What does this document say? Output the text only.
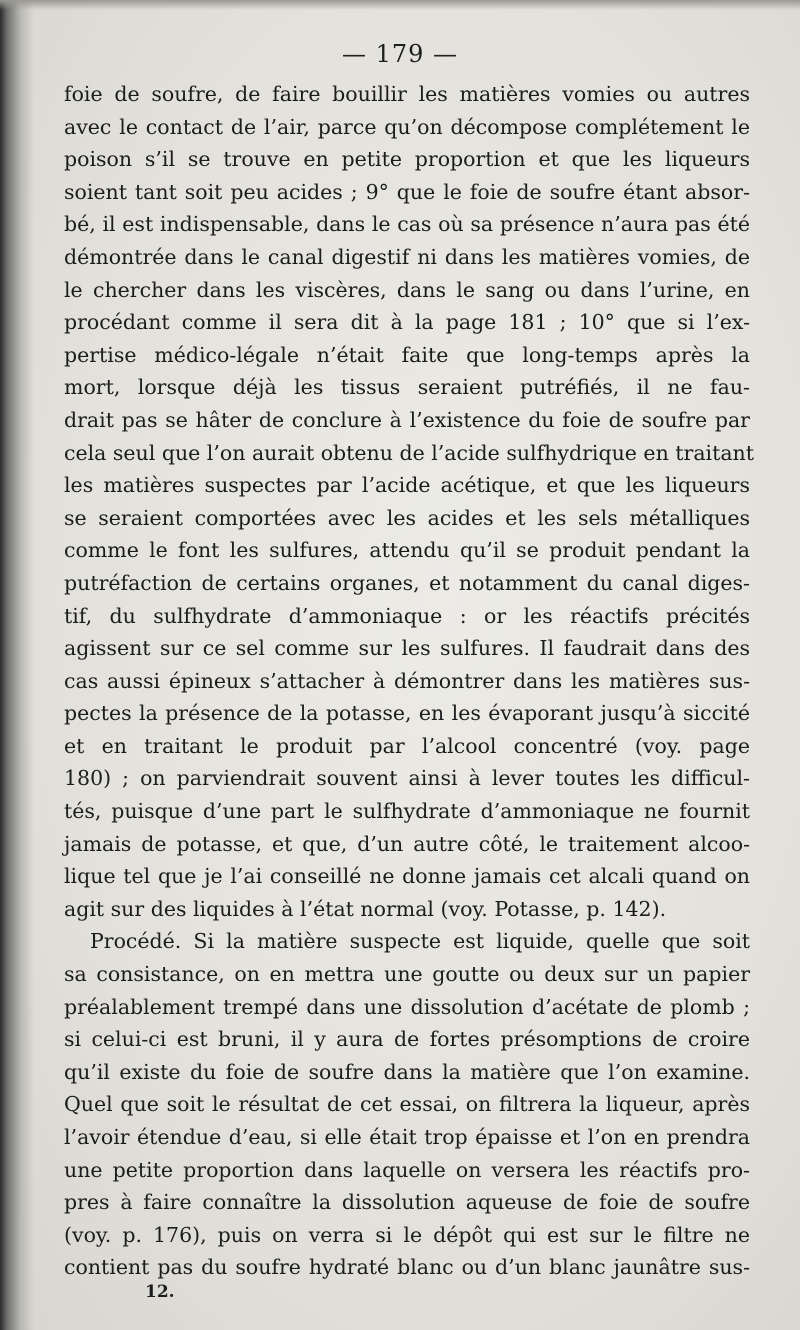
— 179 —
foie de soufre, de faire bouillir les matières vomies ou autres
avec le contact de l’air, parce qu’on décompose complétement le
poison s’il se trouve en petite proportion et que les liqueurs
soient tant soit peu acides ; 9° que le foie de soufre étant absor-
bé, il est indispensable, dans le cas où sa présence n’aura pas été
démontrée dans le canal digestif ni dans les matières vomies, de
le chercher dans les viscères, dans le sang ou dans l’urine, en
procédant comme il sera dit à la page 181 ; 10° que si l’ex-
pertise médico-légale n’était faite que long-temps après la
mort, lorsque déjà les tissus seraient putréfiés, il ne fau-
drait pas se hâter de conclure à l’existence du foie de soufre par
cela seul que l’on aurait obtenu de l’acide sulfhydrique en traitant
les matières suspectes par l’acide acétique, et que les liqueurs
se seraient comportées avec les acides et les sels métalliques
comme le font les sulfures, attendu qu’il se produit pendant la
putréfaction de certains organes, et notamment du canal diges-
tif, du sulfhydrate d’ammoniaque : or les réactifs précités
agissent sur ce sel comme sur les sulfures. Il faudrait dans des
cas aussi épineux s’attacher à démontrer dans les matières sus-
pectes la présence de la potasse, en les évaporant jusqu’à siccité
et en traitant le produit par l’alcool concentré (voy. page
180) ; on parviendrait souvent ainsi à lever toutes les difficul-
tés, puisque d’une part le sulfhydrate d’ammoniaque ne fournit
jamais de potasse, et que, d’un autre côté, le traitement alcoo-
lique tel que je l’ai conseillé ne donne jamais cet alcali quand on
agit sur des liquides à l’état normal (voy. Potasse, p. 142).
Procédé. Si la matière suspecte est liquide, quelle que soit
sa consistance, on en mettra une goutte ou deux sur un papier
préalablement trempé dans une dissolution d’acétate de plomb ;
si celui-ci est bruni, il y aura de fortes présomptions de croire
qu’il existe du foie de soufre dans la matière que l’on examine.
Quel que soit le résultat de cet essai, on filtrera la liqueur, après
l’avoir étendue d’eau, si elle était trop épaisse et l’on en prendra
une petite proportion dans laquelle on versera les réactifs pro-
pres à faire connaître la dissolution aqueuse de foie de soufre
(voy. p. 176), puis on verra si le dépôt qui est sur le filtre ne
contient pas du soufre hydraté blanc ou d’un blanc jaunâtre sus-
12.
